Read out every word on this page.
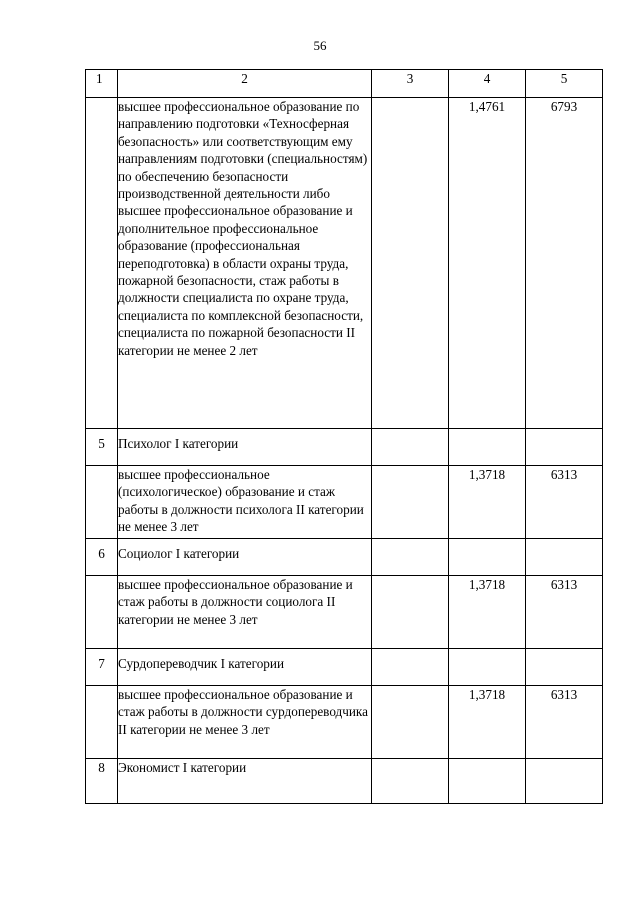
56
1	2	3	4	5
	высшее профессиональное образование по направлению подготовки «Техносферная безопасность» или соответствующим ему направлениям подготовки (специальностям) по обеспечению безопасности производственной деятельности либо высшее профессиональное образование и дополнительное профессиональное образование (профессиональная переподготовка) в области охраны труда, пожарной безопасности, стаж работы в должности специалиста по охране труда, специалиста по комплексной безопасности, специалиста по пожарной безопасности II категории не менее 2 лет		1,4761	6793
5	Психолог I категории			
	высшее профессиональное (психологическое) образование и стаж работы в должности психолога II категории не менее 3 лет		1,3718	6313
6	Социолог I категории			
	высшее профессиональное образование и стаж работы в должности социолога II категории не менее 3 лет		1,3718	6313
7	Сурдопереводчик I категории			
	высшее профессиональное образование и стаж работы в должности сурдопереводчика II категории не менее 3 лет		1,3718	6313
8	Экономист I категории			
